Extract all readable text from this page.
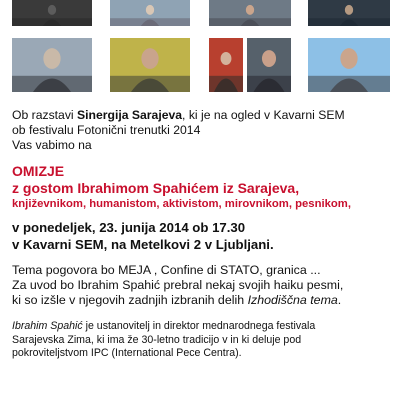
Ob razstavi Sinergija Sarajeva, ki je na ogled v Kavarni SEM

ob festivalu Fotonični trenutki 2014

Vas vabimo na

OMIZJE

z gostom Ibrahimom Spahićem iz Sarajeva,

književnikom, humanistom, aktivistom, mirovnikom, pesnikom,

v ponedeljek, 23. junija 2014 ob 17.30

v Kavarni SEM, na Metelkovi 2 v Ljubljani.

Tema pogovora bo MEJA , Confine di STATO, granica ...

Za uvod bo Ibrahim Spahić prebral nekaj svojih haiku pesmi,

ki so izšle v njegovih zadnjih izbranih delih Izhodiščna tema.

Ibrahim Spahić je ustanovitelj in direktor mednarodnega festivala

Sarajevska Zima, ki ima že 30-letno tradicijo v in ki deluje pod

pokroviteljstvom IPC (International Pece Centra).
